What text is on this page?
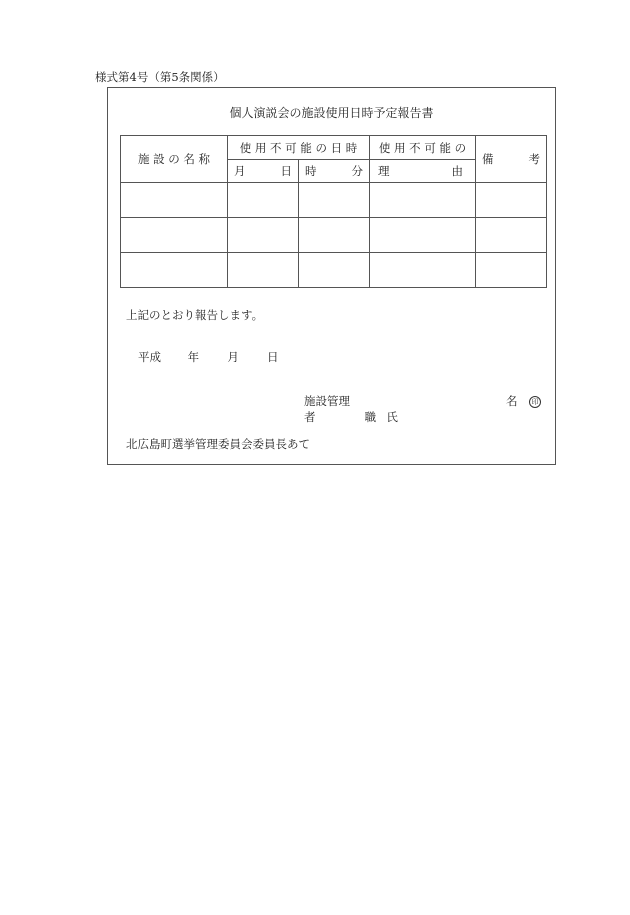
様式第4号（第5条関係）
個人演説会の施設使用日時予定報告書
施 設 の 名 称	使 用 不 可 能 の 日 時		使 用 不 可 能 の	備 考

	月 日	時 分	理 由	

上記のとおり報告します。
平成 年 月 日
施設管理者	職 氏
名 印
北広島町選挙管理委員会委員長あて
